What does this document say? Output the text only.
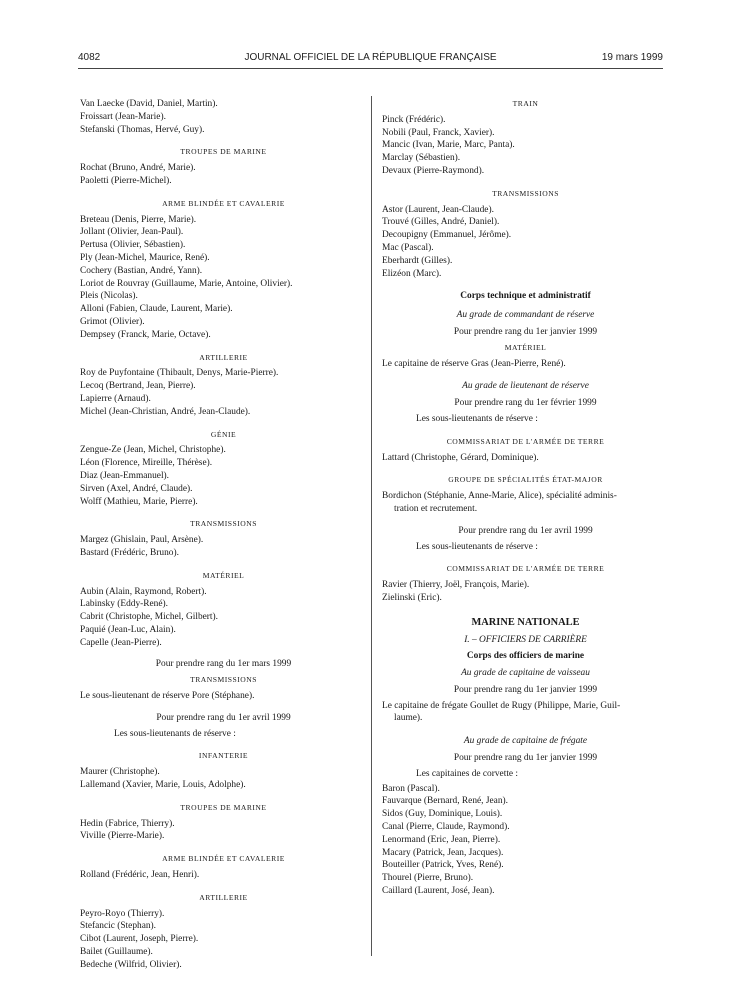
4082	JOURNAL OFFICIEL DE LA RÉPUBLIQUE FRANÇAISE	19 mars 1999
Van Laecke (David, Daniel, Martin).
Froissart (Jean-Marie).
Stefanski (Thomas, Hervé, Guy).
TROUPES DE MARINE
Rochat (Bruno, André, Marie).
Paoletti (Pierre-Michel).
ARME BLINDÉE ET CAVALERIE
Breteau (Denis, Pierre, Marie).
Jollant (Olivier, Jean-Paul).
Pertusa (Olivier, Sébastien).
Ply (Jean-Michel, Maurice, René).
Cochery (Bastian, André, Yann).
Loriot de Rouvray (Guillaume, Marie, Antoine, Olivier).
Pleis (Nicolas).
Alloni (Fabien, Claude, Laurent, Marie).
Grimot (Olivier).
Dempsey (Franck, Marie, Octave).
ARTILLERIE
Roy de Puyfontaine (Thibault, Denys, Marie-Pierre).
Lecoq (Bertrand, Jean, Pierre).
Lapierre (Arnaud).
Michel (Jean-Christian, André, Jean-Claude).
GÉNIE
Zengue-Ze (Jean, Michel, Christophe).
Léon (Florence, Mireille, Thérèse).
Diaz (Jean-Emmanuel).
Sirven (Axel, André, Claude).
Wolff (Mathieu, Marie, Pierre).
TRANSMISSIONS
Margez (Ghislain, Paul, Arsène).
Bastard (Frédéric, Bruno).
MATÉRIEL
Aubin (Alain, Raymond, Robert).
Labinsky (Eddy-René).
Cabrit (Christophe, Michel, Gilbert).
Paquié (Jean-Luc, Alain).
Capelle (Jean-Pierre).
Pour prendre rang du 1er mars 1999
TRANSMISSIONS
Le sous-lieutenant de réserve Pore (Stéphane).
Pour prendre rang du 1er avril 1999
Les sous-lieutenants de réserve :
INFANTERIE
Maurer (Christophe).
Lallemand (Xavier, Marie, Louis, Adolphe).
TROUPES DE MARINE
Hedin (Fabrice, Thierry).
Viville (Pierre-Marie).
ARME BLINDÉE ET CAVALERIE
Rolland (Frédéric, Jean, Henri).
ARTILLERIE
Peyro-Royo (Thierry).
Stefancic (Stephan).
Cibot (Laurent, Joseph, Pierre).
Bailet (Guillaume).
Bedeche (Wilfrid, Olivier).
TRAIN
Pinck (Frédéric).
Nobili (Paul, Franck, Xavier).
Mancic (Ivan, Marie, Marc, Panta).
Marclay (Sébastien).
Devaux (Pierre-Raymond).
TRANSMISSIONS
Astor (Laurent, Jean-Claude).
Trouvé (Gilles, André, Daniel).
Decoupigny (Emmanuel, Jérôme).
Mac (Pascal).
Eberhardt (Gilles).
Elizéon (Marc).
Corps technique et administratif
Au grade de commandant de réserve
Pour prendre rang du 1er janvier 1999
MATÉRIEL
Le capitaine de réserve Gras (Jean-Pierre, René).
Au grade de lieutenant de réserve
Pour prendre rang du 1er février 1999
Les sous-lieutenants de réserve :
COMMISSARIAT DE L'ARMÉE DE TERRE
Lattard (Christophe, Gérard, Dominique).
GROUPE DE SPÉCIALITÉS ÉTAT-MAJOR
Bordichon (Stéphanie, Anne-Marie, Alice), spécialité adminis-
tration et recrutement.
Pour prendre rang du 1er avril 1999
Les sous-lieutenants de réserve :
COMMISSARIAT DE L'ARMÉE DE TERRE
Ravier (Thierry, Joël, François, Marie).
Zielinski (Eric).
MARINE NATIONALE
I. – OFFICIERS DE CARRIÈRE
Corps des officiers de marine
Au grade de capitaine de vaisseau
Pour prendre rang du 1er janvier 1999
Le capitaine de frégate Goullet de Rugy (Philippe, Marie, Guil-
laume).
Au grade de capitaine de frégate
Pour prendre rang du 1er janvier 1999
Les capitaines de corvette :
Baron (Pascal).
Fauvarque (Bernard, René, Jean).
Sidos (Guy, Dominique, Louis).
Canal (Pierre, Claude, Raymond).
Lenormand (Eric, Jean, Pierre).
Macary (Patrick, Jean, Jacques).
Bouteiller (Patrick, Yves, René).
Thourel (Pierre, Bruno).
Caillard (Laurent, José, Jean).
